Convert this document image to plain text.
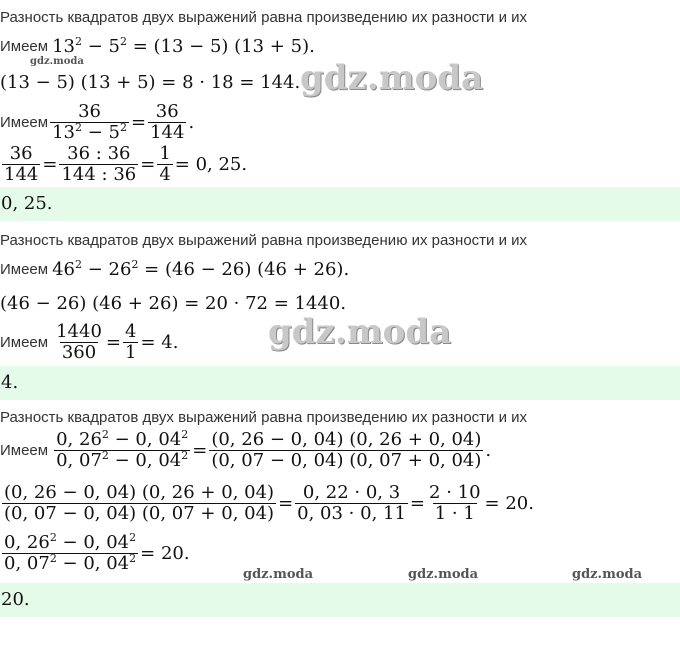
Разность квадратов двух выражений равна произведению их разности и их
Имеем $13^2 - 5^2 = (13 - 5) (13 + 5)$.
gdz.moda
(13 − 5) (13 + 5) = 8 · 18 = 144. gdz.moda
Имеем $\frac{36}{13^2 - 5^2} = \frac{36}{144}$ .
$\frac{36}{144} = \frac{36 : 36}{144 : 36} = \frac{1}{4} = 0$, 25.
0, 25.
Разность квадратов двух выражений равна произведению их разности и их
Имеем $46^2 - 26^2 = (46 - 26) (46 + 26)$.
(46 − 26) (46 + 26) = 20 · 72 = 1440.
gdz.moda
Имеем $\frac{1440}{360} = \frac{4}{1} = 4$.
4.
Разность квадратов двух выражений равна произведению их разности и их
Имеем $\frac{0, 26^2 - 0, 04^2}{0, 07^2 - 0, 04^2} = \frac{(0, 26 - 0, 04) (0, 26 + 0, 04)}{(0, 07 - 0, 04) (0, 07 + 0, 04)}$ .
$\frac{(0, 26 - 0, 04) (0, 26 + 0, 04)}{(0, 07 - 0, 04) (0, 07 + 0, 04)} = \frac{0, 22 \cdot 0, 3}{0, 03 \cdot 0, 11} = \frac{2 \cdot 10}{1 \cdot 1} = 20$.
$\frac{0, 26^2 - 0, 04^2}{0, 07^2 - 0, 04^2} = 20$.
gdz.moda	gdz.moda	gdz.moda
20.
